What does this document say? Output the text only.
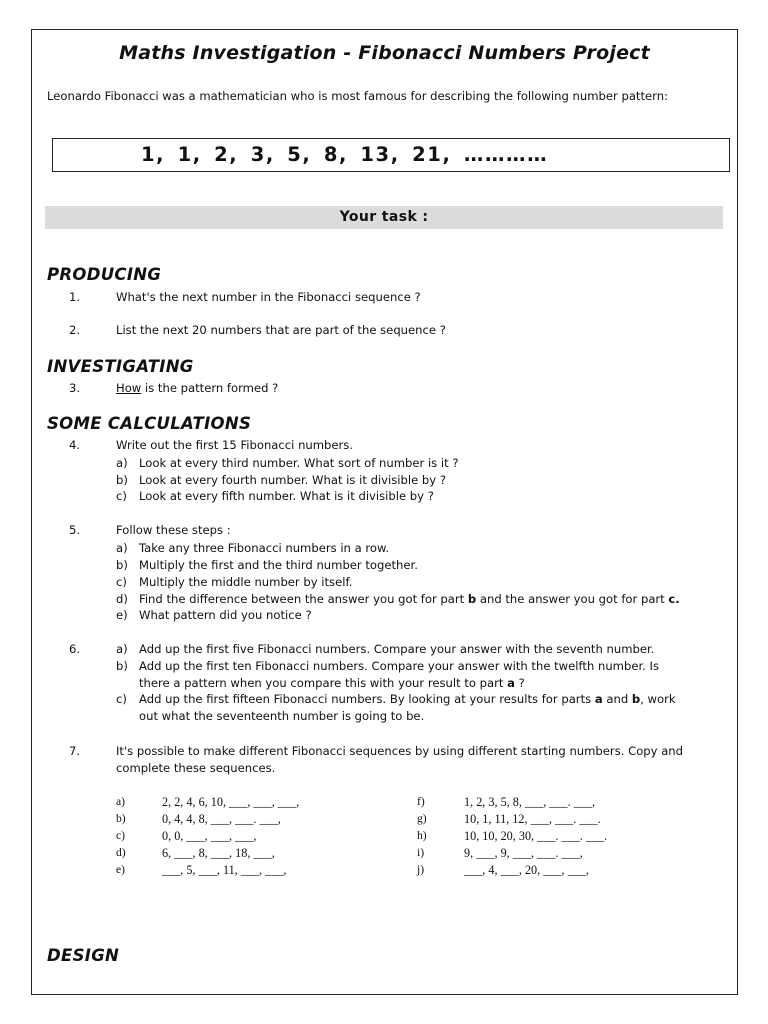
Maths Investigation - Fibonacci Numbers Project
Leonardo Fibonacci was a mathematician who is most famous for describing the following number pattern:
1, 1, 2, 3, 5, 8, 13, 21, …………
Your task :
PRODUCING
1.	What's the next number in the Fibonacci sequence ?
2.	List the next 20 numbers that are part of the sequence ?
INVESTIGATING
3.	How is the pattern formed ?
SOME CALCULATIONS
4.	Write out the first 15 Fibonacci numbers.
a) Look at every third number. What sort of number is it ?
b) Look at every fourth number. What is it divisible by ?
c) Look at every fifth number. What is it divisible by ?
5.	Follow these steps :
a) Take any three Fibonacci numbers in a row.
b) Multiply the first and the third number together.
c) Multiply the middle number by itself.
d) Find the difference between the answer you got for part b and the answer you got for part c.
e) What pattern did you notice ?
6.	a) Add up the first five Fibonacci numbers. Compare your answer with the seventh number.
b) Add up the first ten Fibonacci numbers. Compare your answer with the twelfth number. Is
there a pattern when you compare this with your result to part a ?
c) Add up the first fifteen Fibonacci numbers. By looking at your results for parts a and b, work
out what the seventeenth number is going to be.
7.	It's possible to make different Fibonacci sequences by using different starting numbers. Copy and
complete these sequences.
a)	2, 2, 4, 6, 10, ___, ___, ___,
b)	0, 4, 4, 8, ___, ___. ___,
c)	0, 0, ___, ___, ___,
d)	6, ___, 8, ___, 18, ___,
e)	___, 5, ___, 11, ___, ___,
f)	1, 2, 3, 5, 8, ___, ___. ___,
g)	10, 1, 11, 12, ___, ___. ___.
h)	10, 10, 20, 30, ___. ___. ___.
i)	9, ___, 9, ___, ___. ___,
j)	___, 4, ___, 20, ___, ___,
DESIGN
